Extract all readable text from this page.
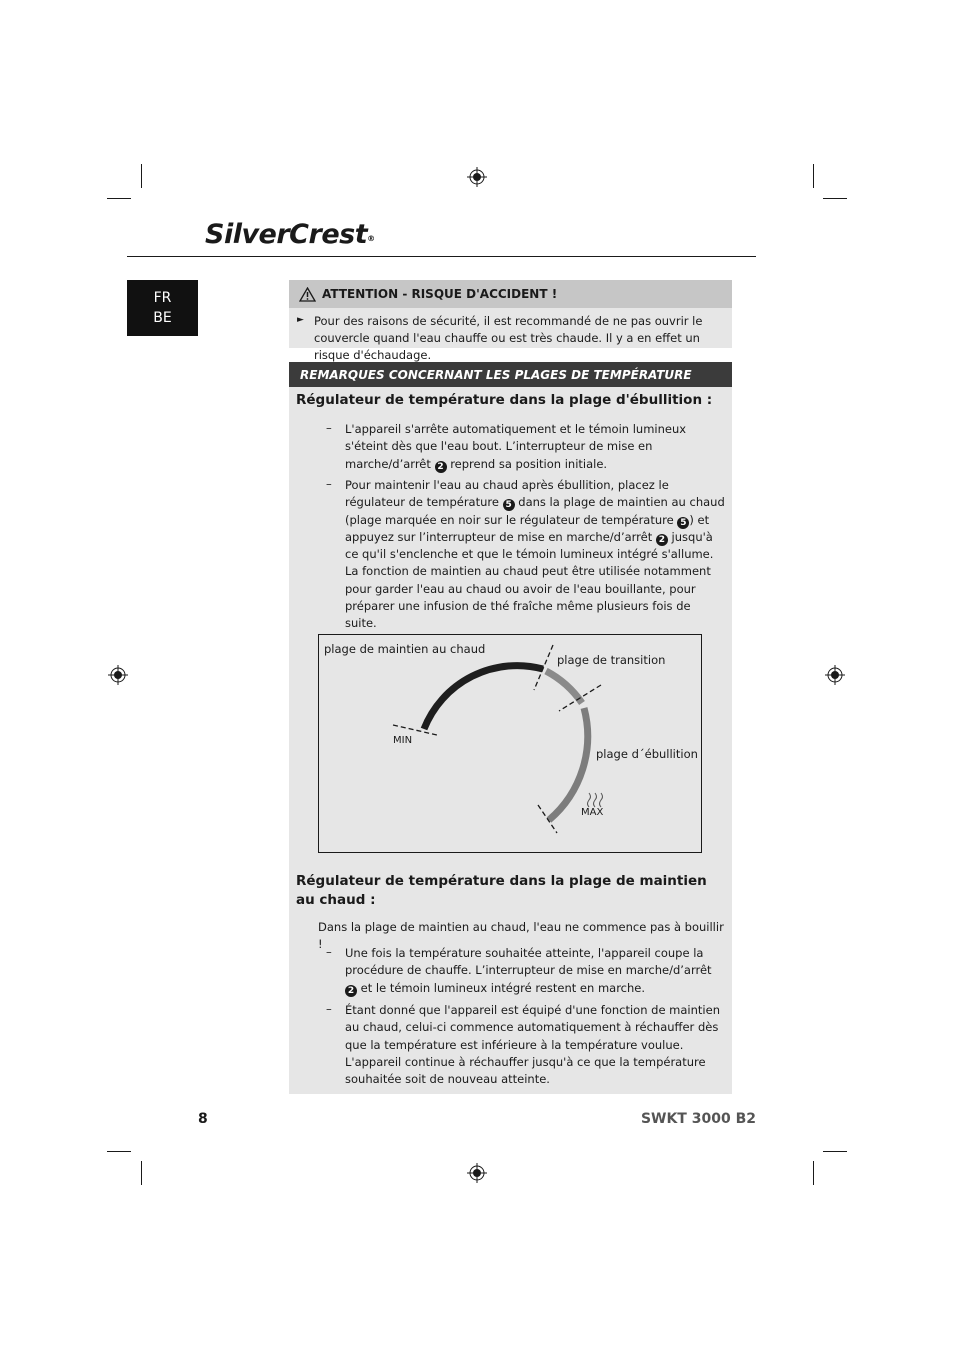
SilverCrest®
FR
BE
ATTENTION - RISQUE D'ACCIDENT !
► Pour des raisons de sécurité, il est recommandé de ne pas ouvrir le couvercle quand l'eau chauffe ou est très chaude. Il y a en effet un risque d'échaudage.
REMARQUES CONCERNANT LES PLAGES DE TEMPÉRATURE
Régulateur de température dans la plage d'ébullition :
– L'appareil s'arrête automatiquement et le témoin lumineux s'éteint dès que l'eau bout. L’interrupteur de mise en marche/d’arrêt 2 reprend sa position initiale.
– Pour maintenir l'eau au chaud après ébullition, placez le régulateur de température 5 dans la plage de maintien au chaud (plage marquée en noir sur le régulateur de température 5 ) et appuyez sur l’interrupteur de mise en marche/d’arrêt 2 jusqu'à ce qu'il s'enclenche et que le témoin lumineux intégré s'allume.
La fonction de maintien au chaud peut être utilisée notamment pour garder l'eau au chaud ou avoir de l'eau bouillante, pour préparer une infusion de thé fraîche même plusieurs fois de suite.
plage de maintien au chaud
plage de transition
plage d´ébullition
MIN
MAX
Régulateur de température dans la plage de maintien au chaud :
Dans la plage de maintien au chaud, l'eau ne commence pas à bouillir !
– Une fois la température souhaitée atteinte, l'appareil coupe la procédure de chauffe. L’interrupteur de mise en marche/d’arrêt 2 et le témoin lumineux intégré restent en marche.
– Étant donné que l'appareil est équipé d'une fonction de maintien au chaud, celui-ci commence automatiquement à réchauffer dès que la température est inférieure à la température voulue. L'appareil continue à réchauffer jusqu'à ce que la température souhaitée soit de nouveau atteinte.
8	SWKT 3000 B2
